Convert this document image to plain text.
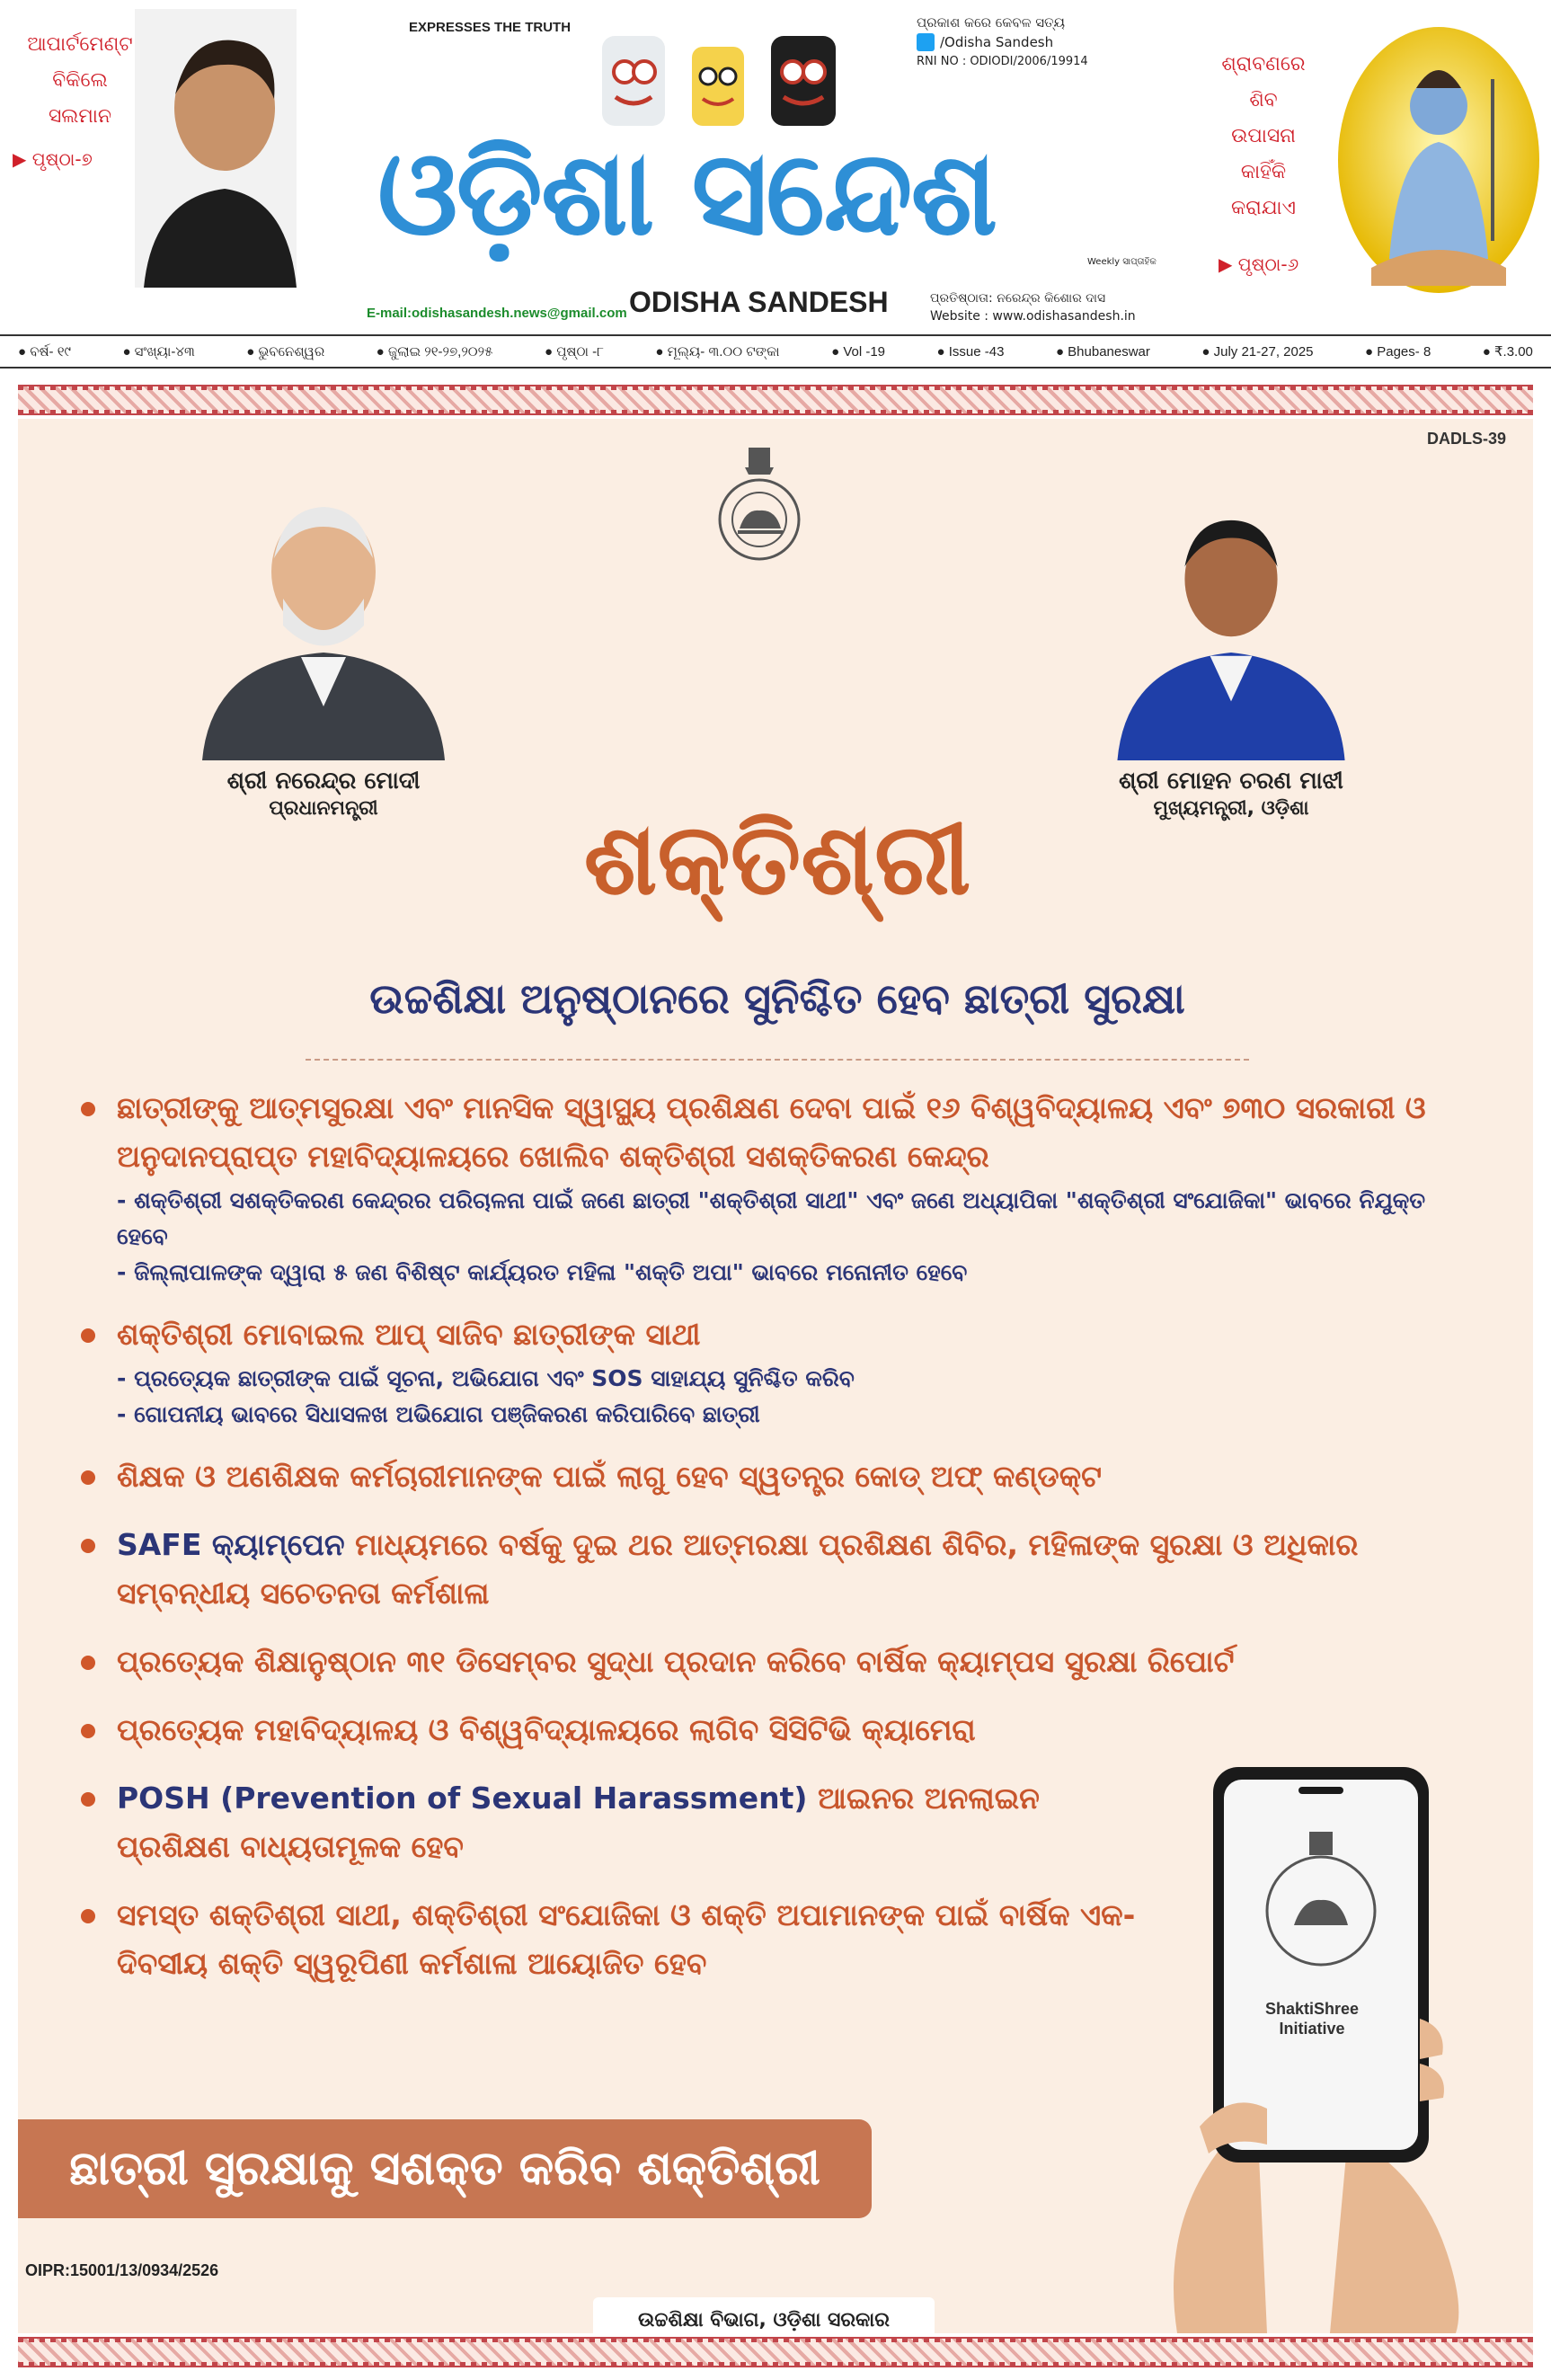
ଆପାର୍ଟମେଣ୍ଟ
ବିକିଲେ
ସଲମାନ
▶ ପୃଷ୍ଠା-୭
EXPRESSES THE TRUTH
ଓଡ଼ିଶା ସନ୍ଦେଶ
ପ୍ରକାଶ କରେ କେବଳ ସତ୍ୟ
/Odisha Sandesh
RNI NO : ODIODI/2006/19914	ଶ୍ରାବଣରେ
ଶିବ
ଉପାସନା
କାହିଁକି
କରାଯାଏ
▶ ପୃଷ୍ଠା-୬
Weekly ସାପ୍ତାହିକ
E-mail:odishasandesh.news@gmail.com ODISHA SANDESH	ପ୍ରତିଷ୍ଠାତା: ନରେନ୍ଦ୍ର କିଶୋର ଦାସ
Website : www.odishasandesh.in
● ବର୍ଷ- ୧୯	● ସଂଖ୍ୟା-୪୩	● ଭୁବନେଶ୍ୱର	● ଜୁଲାଇ ୨୧-୨୭,୨୦୨୫	● ପୃଷ୍ଠା -୮	● ମୂଲ୍ୟ- ୩.୦୦ ଟଙ୍କା	● Vol -19	● Issue -43	● Bhubaneswar	● July 21-27, 2025	● Pages- 8	● ₹.3.00
DADLS-39
ଶ୍ରୀ ନରେନ୍ଦ୍ର ମୋଦୀ
ପ୍ରଧାନମନ୍ତ୍ରୀ
ଶ୍ରୀ ମୋହନ ଚରଣ ମାଝୀ
ମୁଖ୍ୟମନ୍ତ୍ରୀ, ଓଡ଼ିଶା
ଶକ୍ତିଶ୍ରୀ
ଉଚ୍ଚଶିକ୍ଷା ଅନୁଷ୍ଠାନରେ ସୁନିଶ୍ଚିତ ହେବ ଛାତ୍ରୀ ସୁରକ୍ଷା
ଛାତ୍ରୀଙ୍କୁ ଆତ୍ମସୁରକ୍ଷା ଏବଂ ମାନସିକ ସ୍ୱାସ୍ଥ୍ୟ ପ୍ରଶିକ୍ଷଣ ଦେବା ପାଇଁ ୧୬ ବିଶ୍ୱବିଦ୍ୟାଳୟ ଏବଂ ୭୩୦ ସରକାରୀ ଓ ଅନୁଦାନପ୍ରାପ୍ତ ମହାବିଦ୍ୟାଳୟରେ ଖୋଲିବ ଶକ୍ତିଶ୍ରୀ ସଶକ୍ତିକରଣ କେନ୍ଦ୍ର
- ଶକ୍ତିଶ୍ରୀ ସଶକ୍ତିକରଣ କେନ୍ଦ୍ରର ପରିଚାଳନା ପାଇଁ ଜଣେ ଛାତ୍ରୀ "ଶକ୍ତିଶ୍ରୀ ସାଥୀ" ଏବଂ ଜଣେ ଅଧ୍ୟାପିକା "ଶକ୍ତିଶ୍ରୀ ସଂଯୋଜିକା" ଭାବରେ ନିଯୁକ୍ତ ହେବେ
- ଜିଲ୍ଲାପାଳଙ୍କ ଦ୍ୱାରା ୫ ଜଣ ବିଶିଷ୍ଟ କାର୍ଯ୍ୟରତ ମହିଳା "ଶକ୍ତି ଅପା" ଭାବରେ ମନୋନୀତ ହେବେ
ଶକ୍ତିଶ୍ରୀ ମୋବାଇଲ ଆପ୍ ସାଜିବ ଛାତ୍ରୀଙ୍କ ସାଥୀ
- ପ୍ରତ୍ୟେକ ଛାତ୍ରୀଙ୍କ ପାଇଁ ସୂଚନା, ଅଭିଯୋଗ ଏବଂ SOS ସାହାଯ୍ୟ ସୁନିଶ୍ଚିତ କରିବ
- ଗୋପନୀୟ ଭାବରେ ସିଧାସଳଖ ଅଭିଯୋଗ ପଞ୍ଜିକରଣ କରିପାରିବେ ଛାତ୍ରୀ
ଶିକ୍ଷକ ଓ ଅଣଶିକ୍ଷକ କର୍ମଚାରୀମାନଙ୍କ ପାଇଁ ଲାଗୁ ହେବ ସ୍ୱତନ୍ତ୍ର କୋଡ୍ ଅଫ୍ କଣ୍ଡକ୍ଟ
SAFE କ୍ୟାମ୍ପେନ ମାଧ୍ୟମରେ ବର୍ଷକୁ ଦୁଇ ଥର ଆତ୍ମରକ୍ଷା ପ୍ରଶିକ୍ଷଣ ଶିବିର, ମହିଳାଙ୍କ ସୁରକ୍ଷା ଓ ଅଧିକାର ସମ୍ବନ୍ଧୀୟ ସଚେତନତା କର୍ମଶାଳା
ପ୍ରତ୍ୟେକ ଶିକ୍ଷାନୁଷ୍ଠାନ ୩୧ ଡିସେମ୍ବର ସୁଦ୍ଧା ପ୍ରଦାନ କରିବେ ବାର୍ଷିକ କ୍ୟାମ୍ପସ ସୁରକ୍ଷା ରିପୋର୍ଟ
ପ୍ରତ୍ୟେକ ମହାବିଦ୍ୟାଳୟ ଓ ବିଶ୍ୱବିଦ୍ୟାଳୟରେ ଲାଗିବ ସିସିଟିଭି କ୍ୟାମେରା
POSH (Prevention of Sexual Harassment) ଆଇନର ଅନଲାଇନ ପ୍ରଶିକ୍ଷଣ ବାଧ୍ୟତାମୂଳକ ହେବ
ସମସ୍ତ ଶକ୍ତିଶ୍ରୀ ସାଥୀ, ଶକ୍ତିଶ୍ରୀ ସଂଯୋଜିକା ଓ ଶକ୍ତି ଅପାମାନଙ୍କ ପାଇଁ ବାର୍ଷିକ ଏକ-ଦିବସୀୟ ଶକ୍ତି ସ୍ୱରୂପିଣୀ କର୍ମଶାଳା ଆୟୋଜିତ ହେବ
ShaktiShree
Initiative
ଛାତ୍ରୀ ସୁରକ୍ଷାକୁ ସଶକ୍ତ କରିବ ଶକ୍ତିଶ୍ରୀ
OIPR:15001/13/0934/2526
ଉଚ୍ଚଶିକ୍ଷା ବିଭାଗ, ଓଡ଼ିଶା ସରକାର
